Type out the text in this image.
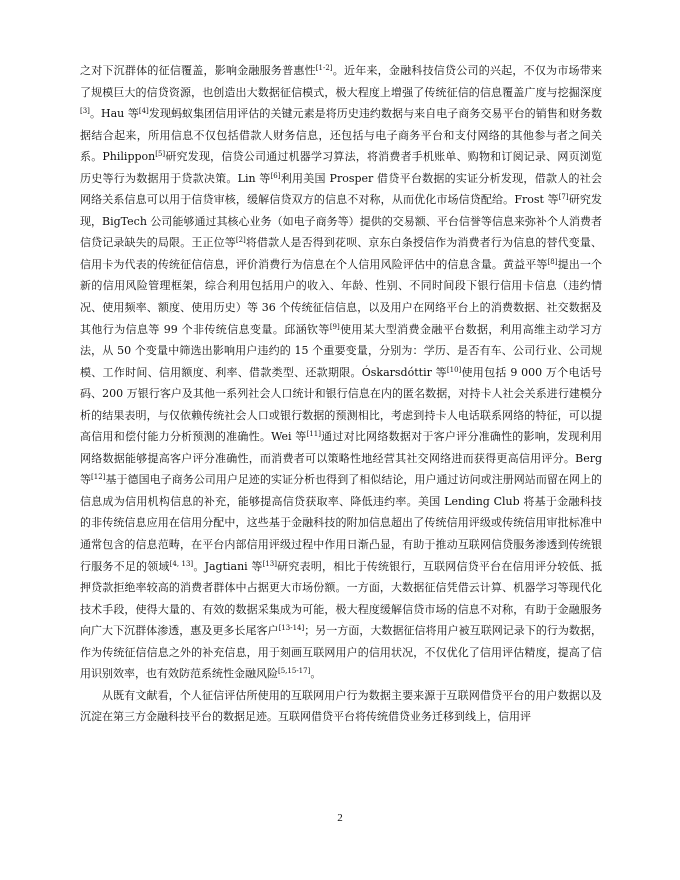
之对下沉群体的征信覆盖，影响金融服务普惠性[1-2]。近年来，金融科技信贷公司的兴起，不仅为市场带来了规模巨大的信贷资源，也创造出大数据征信模式，极大程度上增强了传统征信的信息覆盖广度与挖掘深度[3]。Hau 等[4]发现蚂蚁集团信用评估的关键元素是将历史违约数据与来自电子商务交易平台的销售和财务数据结合起来，所用信息不仅包括借款人财务信息，还包括与电子商务平台和支付网络的其他参与者之间关系。Philippon[5]研究发现，信贷公司通过机器学习算法，将消费者手机账单、购物和订阅记录、网页浏览历史等行为数据用于贷款决策。Lin 等[6]利用美国 Prosper 借贷平台数据的实证分析发现，借款人的社会网络关系信息可以用于信贷审核，缓解信贷双方的信息不对称，从而优化市场信贷配给。Frost 等[7]研究发现，BigTech 公司能够通过其核心业务（如电子商务等）提供的交易额、平台信誉等信息来弥补个人消费者信贷记录缺失的局限。王正位等[2]将借款人是否得到花呗、京东白条授信作为消费者行为信息的替代变量、信用卡为代表的传统征信信息，评价消费行为信息在个人信用风险评估中的信息含量。黄益平等[8]提出一个新的信用风险管理框架，综合利用包括用户的收入、年龄、性别、不同时间段下银行信用卡信息（违约情况、使用频率、额度、使用历史）等 36 个传统征信信息，以及用户在网络平台上的消费数据、社交数据及其他行为信息等 99 个非传统信息变量。邱涵钦等[9]使用某大型消费金融平台数据，利用高维主动学习方法，从 50 个变量中筛选出影响用户违约的 15 个重要变量，分别为：学历、是否有车、公司行业、公司规模、工作时间、信用额度、利率、借款类型、还款期限。Óskarsdóttir 等[10]使用包括 9 000 万个电话号码、200 万银行客户及其他一系列社会人口统计和银行信息在内的匿名数据，对持卡人社会关系进行建模分析的结果表明，与仅依赖传统社会人口或银行数据的预测相比，考虑到持卡人电话联系网络的特征，可以提高信用和偿付能力分析预测的准确性。Wei 等[11]通过对比网络数据对于客户评分准确性的影响，发现利用网络数据能够提高客户评分准确性，而消费者可以策略性地经营其社交网络进而获得更高信用评分。Berg 等[12]基于德国电子商务公司用户足迹的实证分析也得到了相似结论，用户通过访问或注册网站而留在网上的信息成为信用机构信息的补充，能够提高信贷获取率、降低违约率。美国 Lending Club 将基于金融科技的非传统信息应用在信用分配中，这些基于金融科技的附加信息超出了传统信用评级或传统信用审批标准中通常包含的信息范畴，在平台内部信用评级过程中作用日渐凸显，有助于推动互联网信贷服务渗透到传统银行服务不足的领域[4, 13]。Jagtiani 等[13]研究表明，相比于传统银行，互联网信贷平台在信用评分较低、抵押贷款拒绝率较高的消费者群体中占据更大市场份额。一方面，大数据征信凭借云计算、机器学习等现代化技术手段，使得大量的、有效的数据采集成为可能，极大程度缓解信贷市场的信息不对称，有助于金融服务向广大下沉群体渗透，惠及更多长尾客户[13-14]；另一方面，大数据征信将用户被互联网记录下的行为数据，作为传统征信信息之外的补充信息，用于刻画互联网用户的信用状况，不仅优化了信用评估精度，提高了信用识别效率，也有效防范系统性金融风险[5,15-17]。

从既有文献看，个人征信评估所使用的互联网用户行为数据主要来源于互联网借贷平台的用户数据以及沉淀在第三方金融科技平台的数据足迹。互联网借贷平台将传统借贷业务迁移到线上，信用评

2
